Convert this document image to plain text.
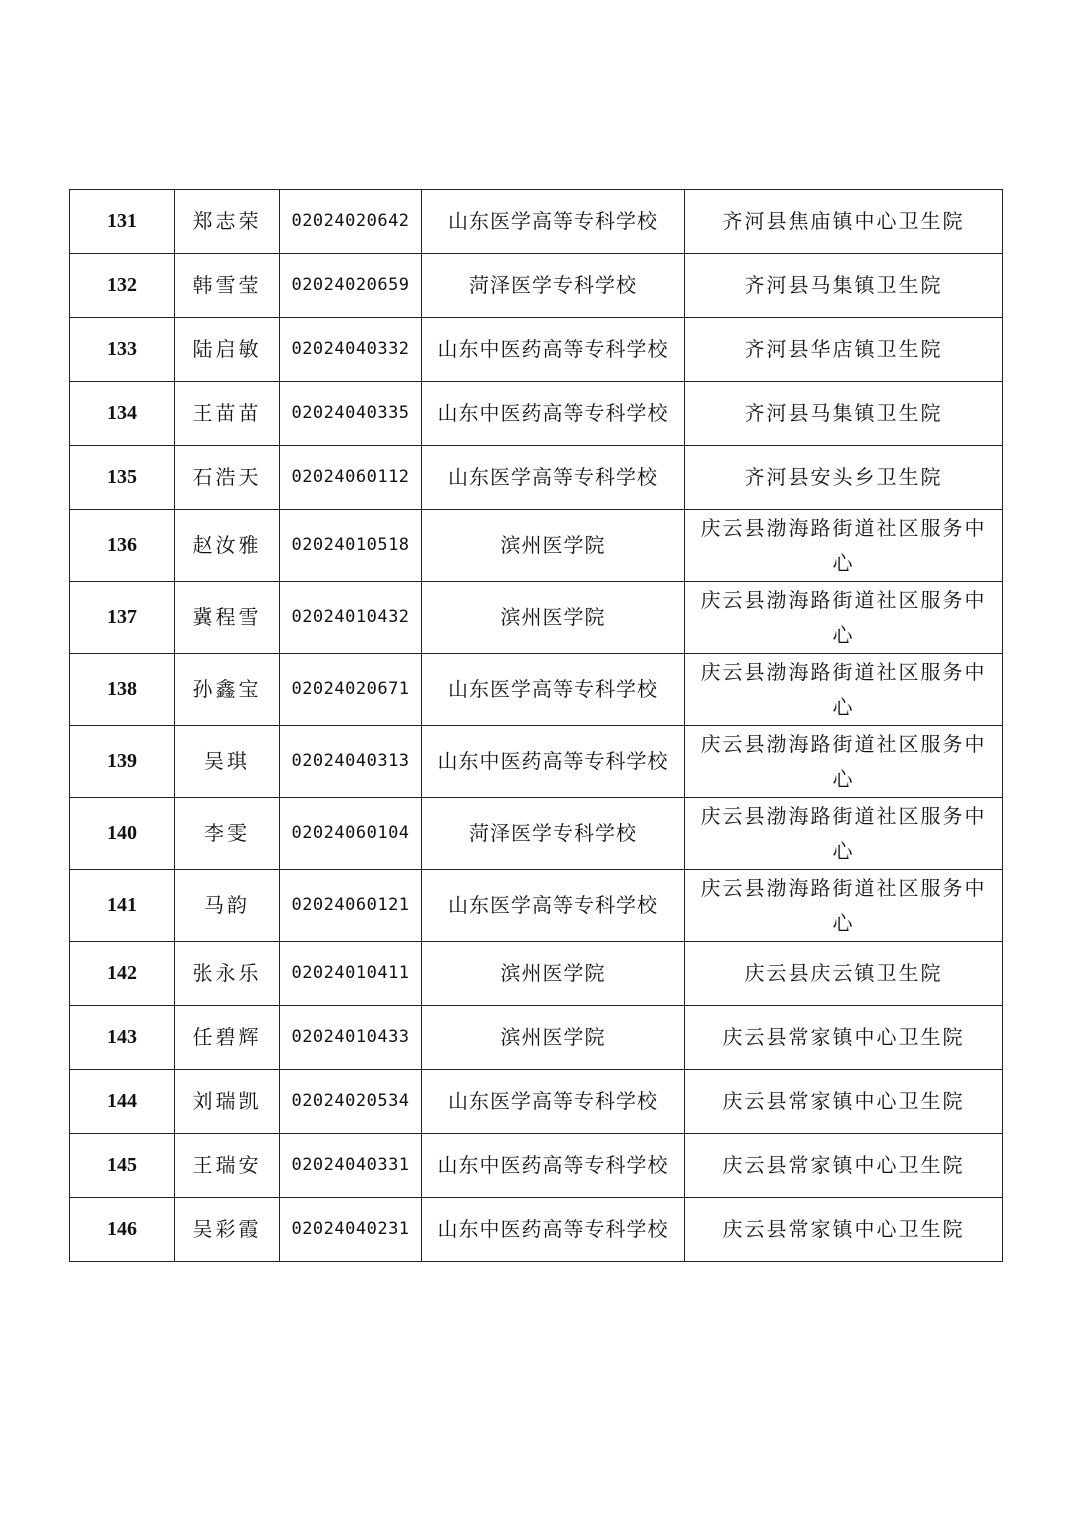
131	郑志荣	02024020642	山东医学高等专科学校	齐河县焦庙镇中心卫生院
132	韩雪莹	02024020659	菏泽医学专科学校	齐河县马集镇卫生院
133	陆启敏	02024040332	山东中医药高等专科学校	齐河县华店镇卫生院
134	王苗苗	02024040335	山东中医药高等专科学校	齐河县马集镇卫生院
135	石浩天	02024060112	山东医学高等专科学校	齐河县安头乡卫生院
136	赵汝雅	02024010518	滨州医学院	庆云县渤海路街道社区服务中心
137	冀程雪	02024010432	滨州医学院	庆云县渤海路街道社区服务中心
138	孙鑫宝	02024020671	山东医学高等专科学校	庆云县渤海路街道社区服务中心
139	吴琪	02024040313	山东中医药高等专科学校	庆云县渤海路街道社区服务中心
140	李雯	02024060104	菏泽医学专科学校	庆云县渤海路街道社区服务中心
141	马韵	02024060121	山东医学高等专科学校	庆云县渤海路街道社区服务中心
142	张永乐	02024010411	滨州医学院	庆云县庆云镇卫生院
143	任碧辉	02024010433	滨州医学院	庆云县常家镇中心卫生院
144	刘瑞凯	02024020534	山东医学高等专科学校	庆云县常家镇中心卫生院
145	王瑞安	02024040331	山东中医药高等专科学校	庆云县常家镇中心卫生院
146	吴彩霞	02024040231	山东中医药高等专科学校	庆云县常家镇中心卫生院
